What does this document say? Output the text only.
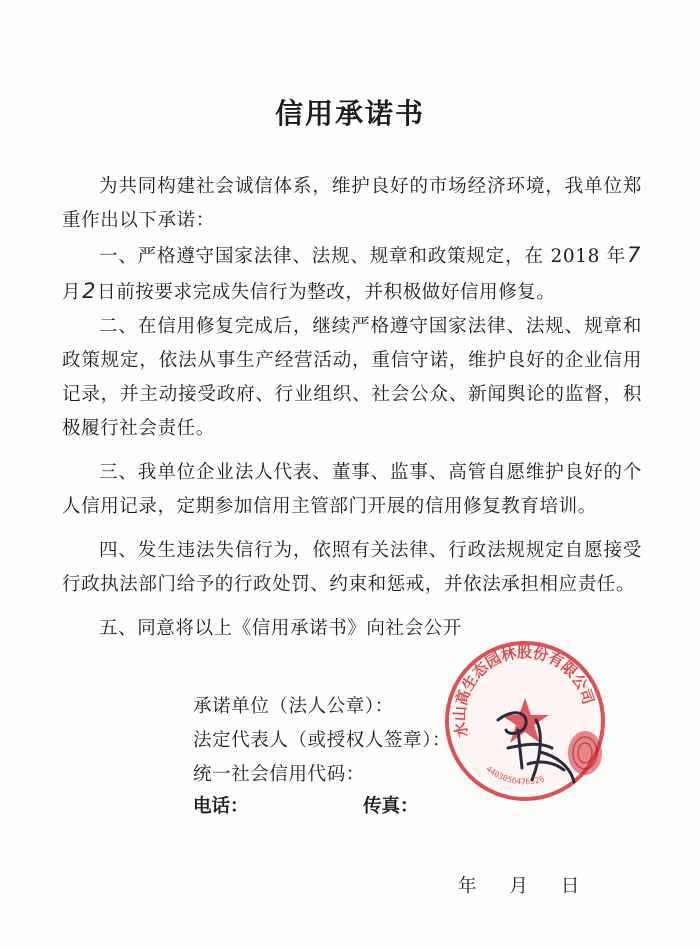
信用承诺书

为共同构建社会诚信体系，维护良好的市场经济环境，我单位郑重作出以下承诺：

一、严格遵守国家法律、法规、规章和政策规定，在 2018 年7月2日前按要求完成失信行为整改，并积极做好信用修复。

二、在信用修复完成后，继续严格遵守国家法律、法规、规章和政策规定，依法从事生产经营活动，重信守诺，维护良好的企业信用记录，并主动接受政府、行业组织、社会公众、新闻舆论的监督，积极履行社会责任。

三、我单位企业法人代表、董事、监事、高管自愿维护良好的个人信用记录，定期参加信用主管部门开展的信用修复教育培训。

四、发生违法失信行为，依照有关法律、行政法规规定自愿接受行政执法部门给予的行政处罚、约束和惩戒，并依法承担相应责任。

五、同意将以上《信用承诺书》向社会公开

承诺单位（法人公章）：
法定代表人（或授权人签章）：
统一社会信用代码：
电话：	传真：
年 月 日
水山高生态园林股份有限公司
4403056476526
